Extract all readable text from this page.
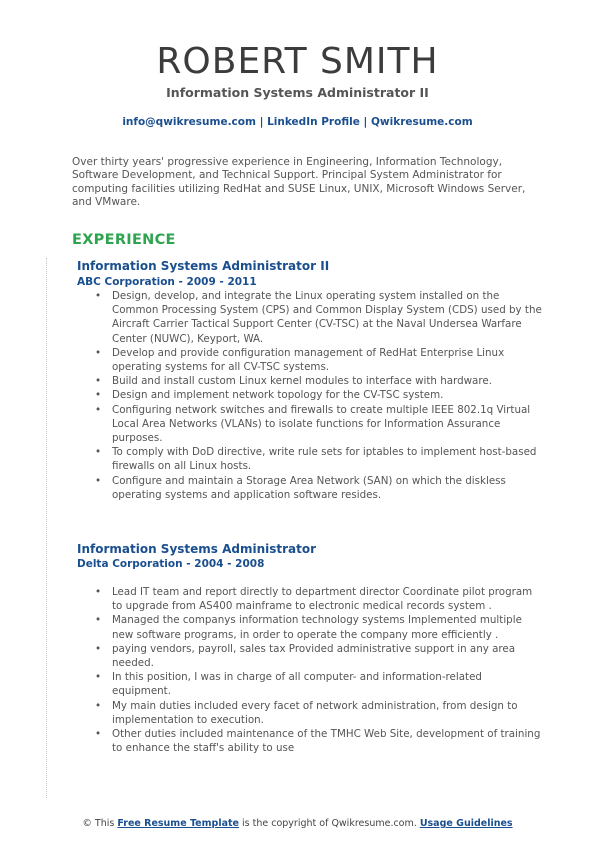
ROBERT SMITH
Information Systems Administrator II
info@qwikresume.com | LinkedIn Profile | Qwikresume.com
Over thirty years' progressive experience in Engineering, Information Technology, Software Development, and Technical Support. Principal System Administrator for computing facilities utilizing RedHat and SUSE Linux, UNIX, Microsoft Windows Server, and VMware.
EXPERIENCE
Information Systems Administrator II
ABC Corporation - 2009 - 2011
• Design, develop, and integrate the Linux operating system installed on the Common Processing System (CPS) and Common Display System (CDS) used by the Aircraft Carrier Tactical Support Center (CV-TSC) at the Naval Undersea Warfare Center (NUWC), Keyport, WA.
• Develop and provide configuration management of RedHat Enterprise Linux operating systems for all CV-TSC systems.
• Build and install custom Linux kernel modules to interface with hardware.
• Design and implement network topology for the CV-TSC system.
• Configuring network switches and firewalls to create multiple IEEE 802.1q Virtual Local Area Networks (VLANs) to isolate functions for Information Assurance purposes.
• To comply with DoD directive, write rule sets for iptables to implement host-based firewalls on all Linux hosts.
• Configure and maintain a Storage Area Network (SAN) on which the diskless operating systems and application software resides.
Information Systems Administrator
Delta Corporation - 2004 - 2008
• Lead IT team and report directly to department director Coordinate pilot program to upgrade from AS400 mainframe to electronic medical records system .
• Managed the companys information technology systems Implemented multiple new software programs, in order to operate the company more efficiently .
• paying vendors, payroll, sales tax Provided administrative support in any area needed.
• In this position, I was in charge of all computer- and information-related equipment.
• My main duties included every facet of network administration, from design to implementation to execution.
• Other duties included maintenance of the TMHC Web Site, development of training to enhance the staff's ability to use
© This Free Resume Template is the copyright of Qwikresume.com. Usage Guidelines
